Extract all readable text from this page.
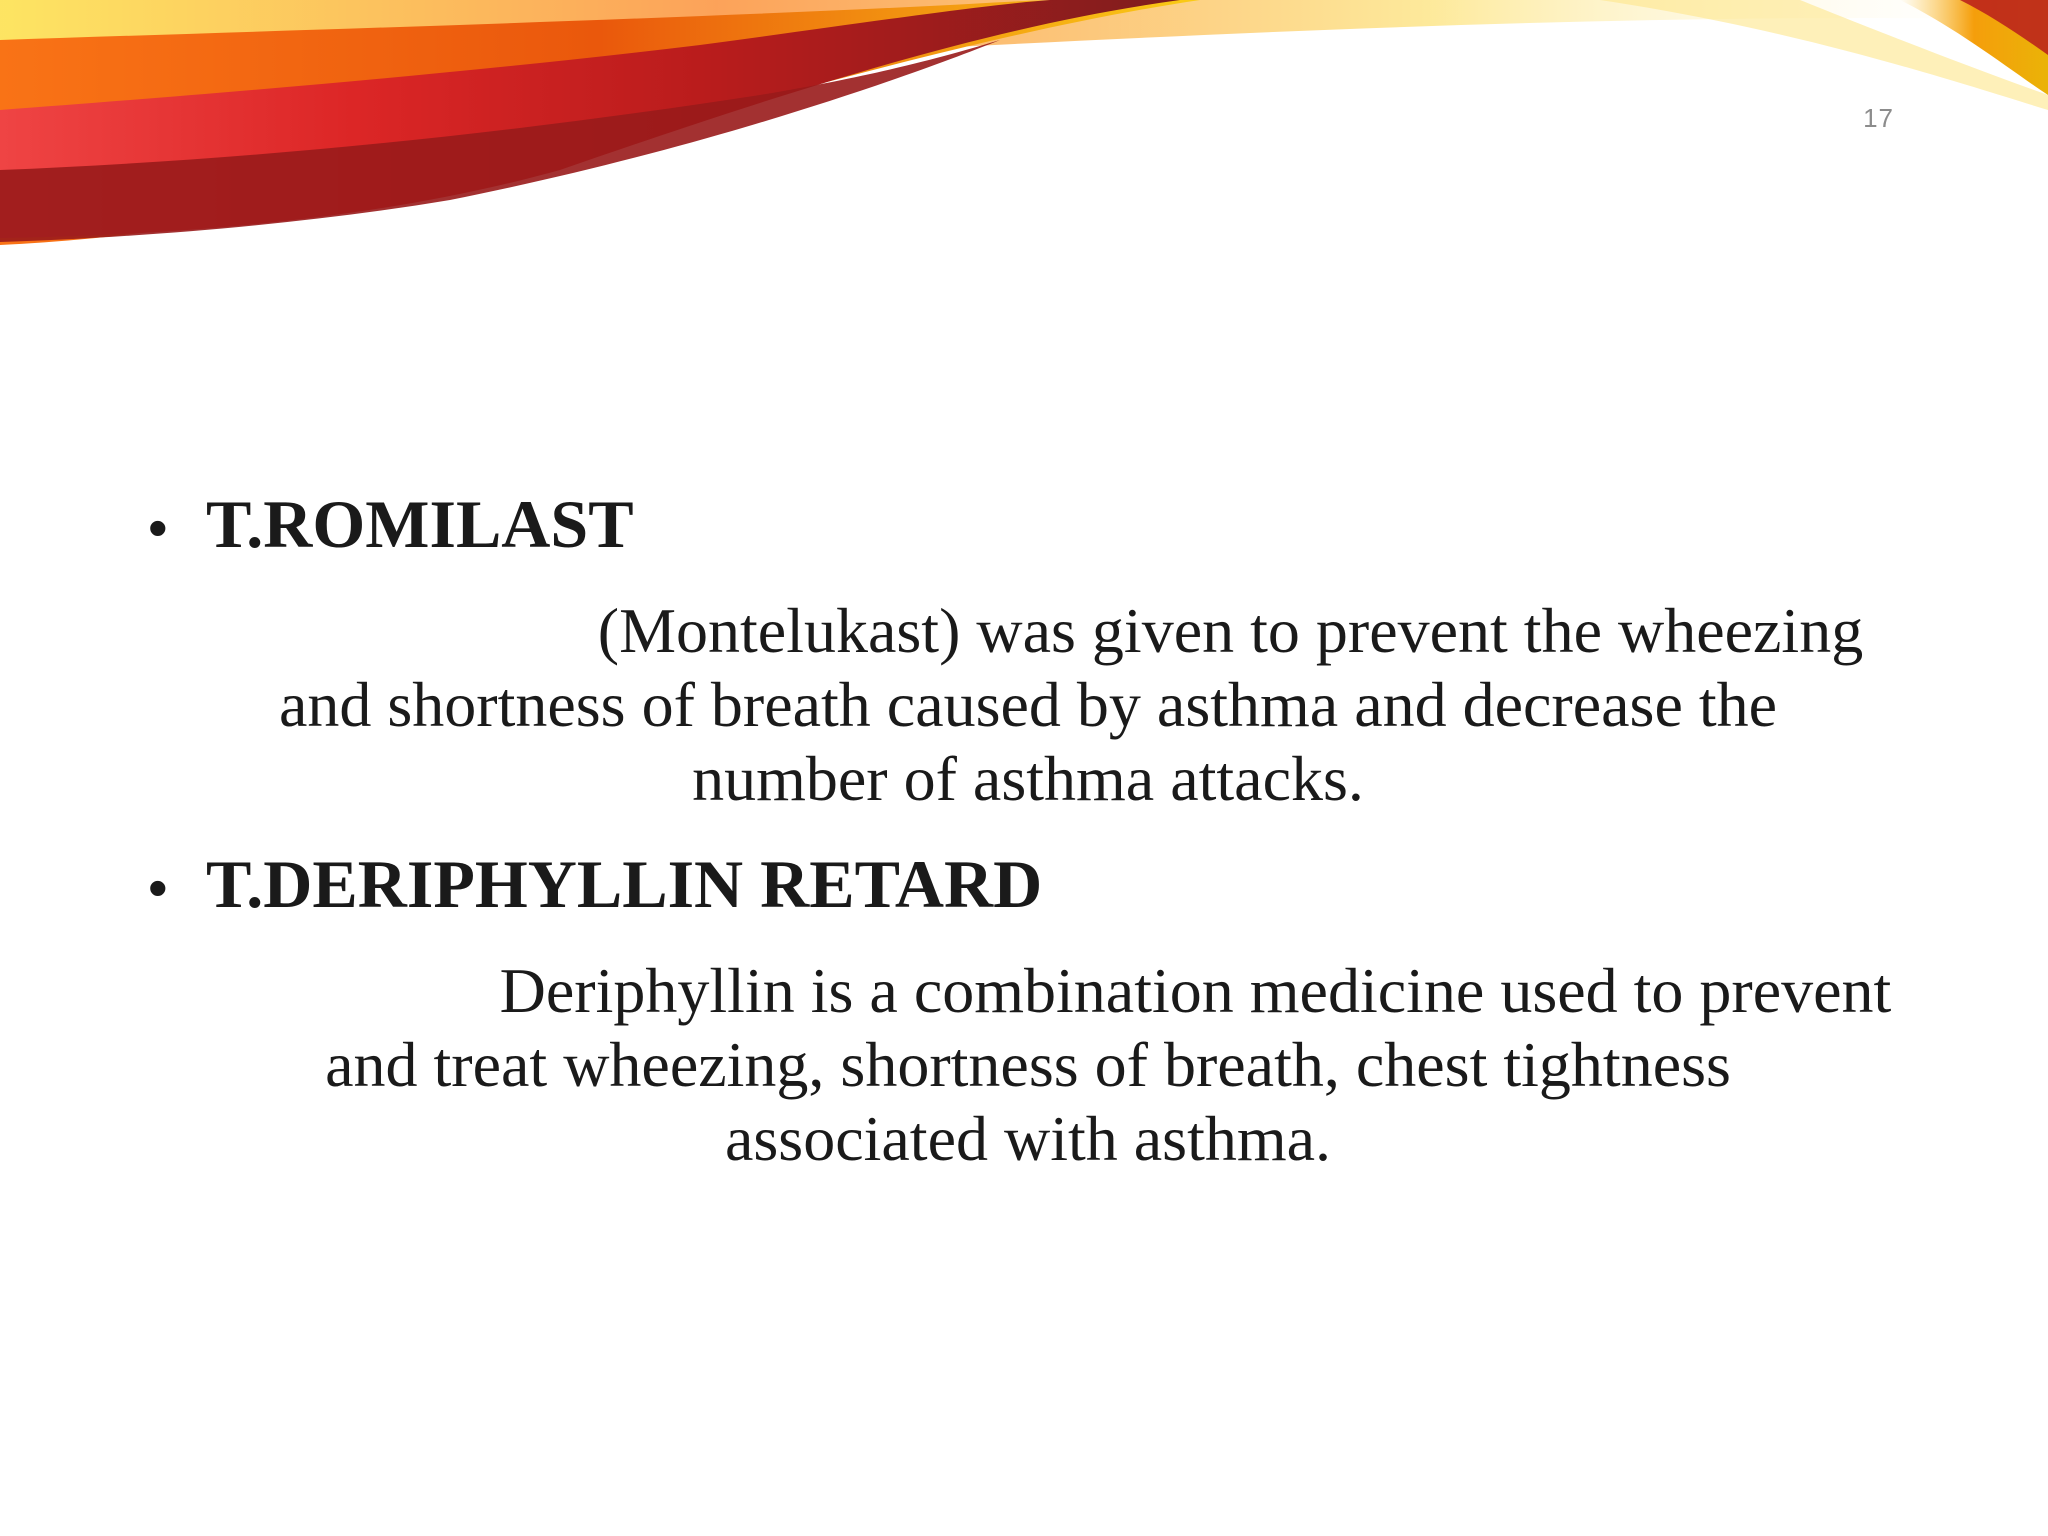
17
• T.ROMILAST
(Montelukast) was given to prevent the wheezing
and shortness of breath caused by asthma and decrease the
number of asthma attacks.
• T.DERIPHYLLIN RETARD
Deriphyllin is a combination medicine used to prevent
and treat wheezing, shortness of breath, chest tightness
associated with asthma.
